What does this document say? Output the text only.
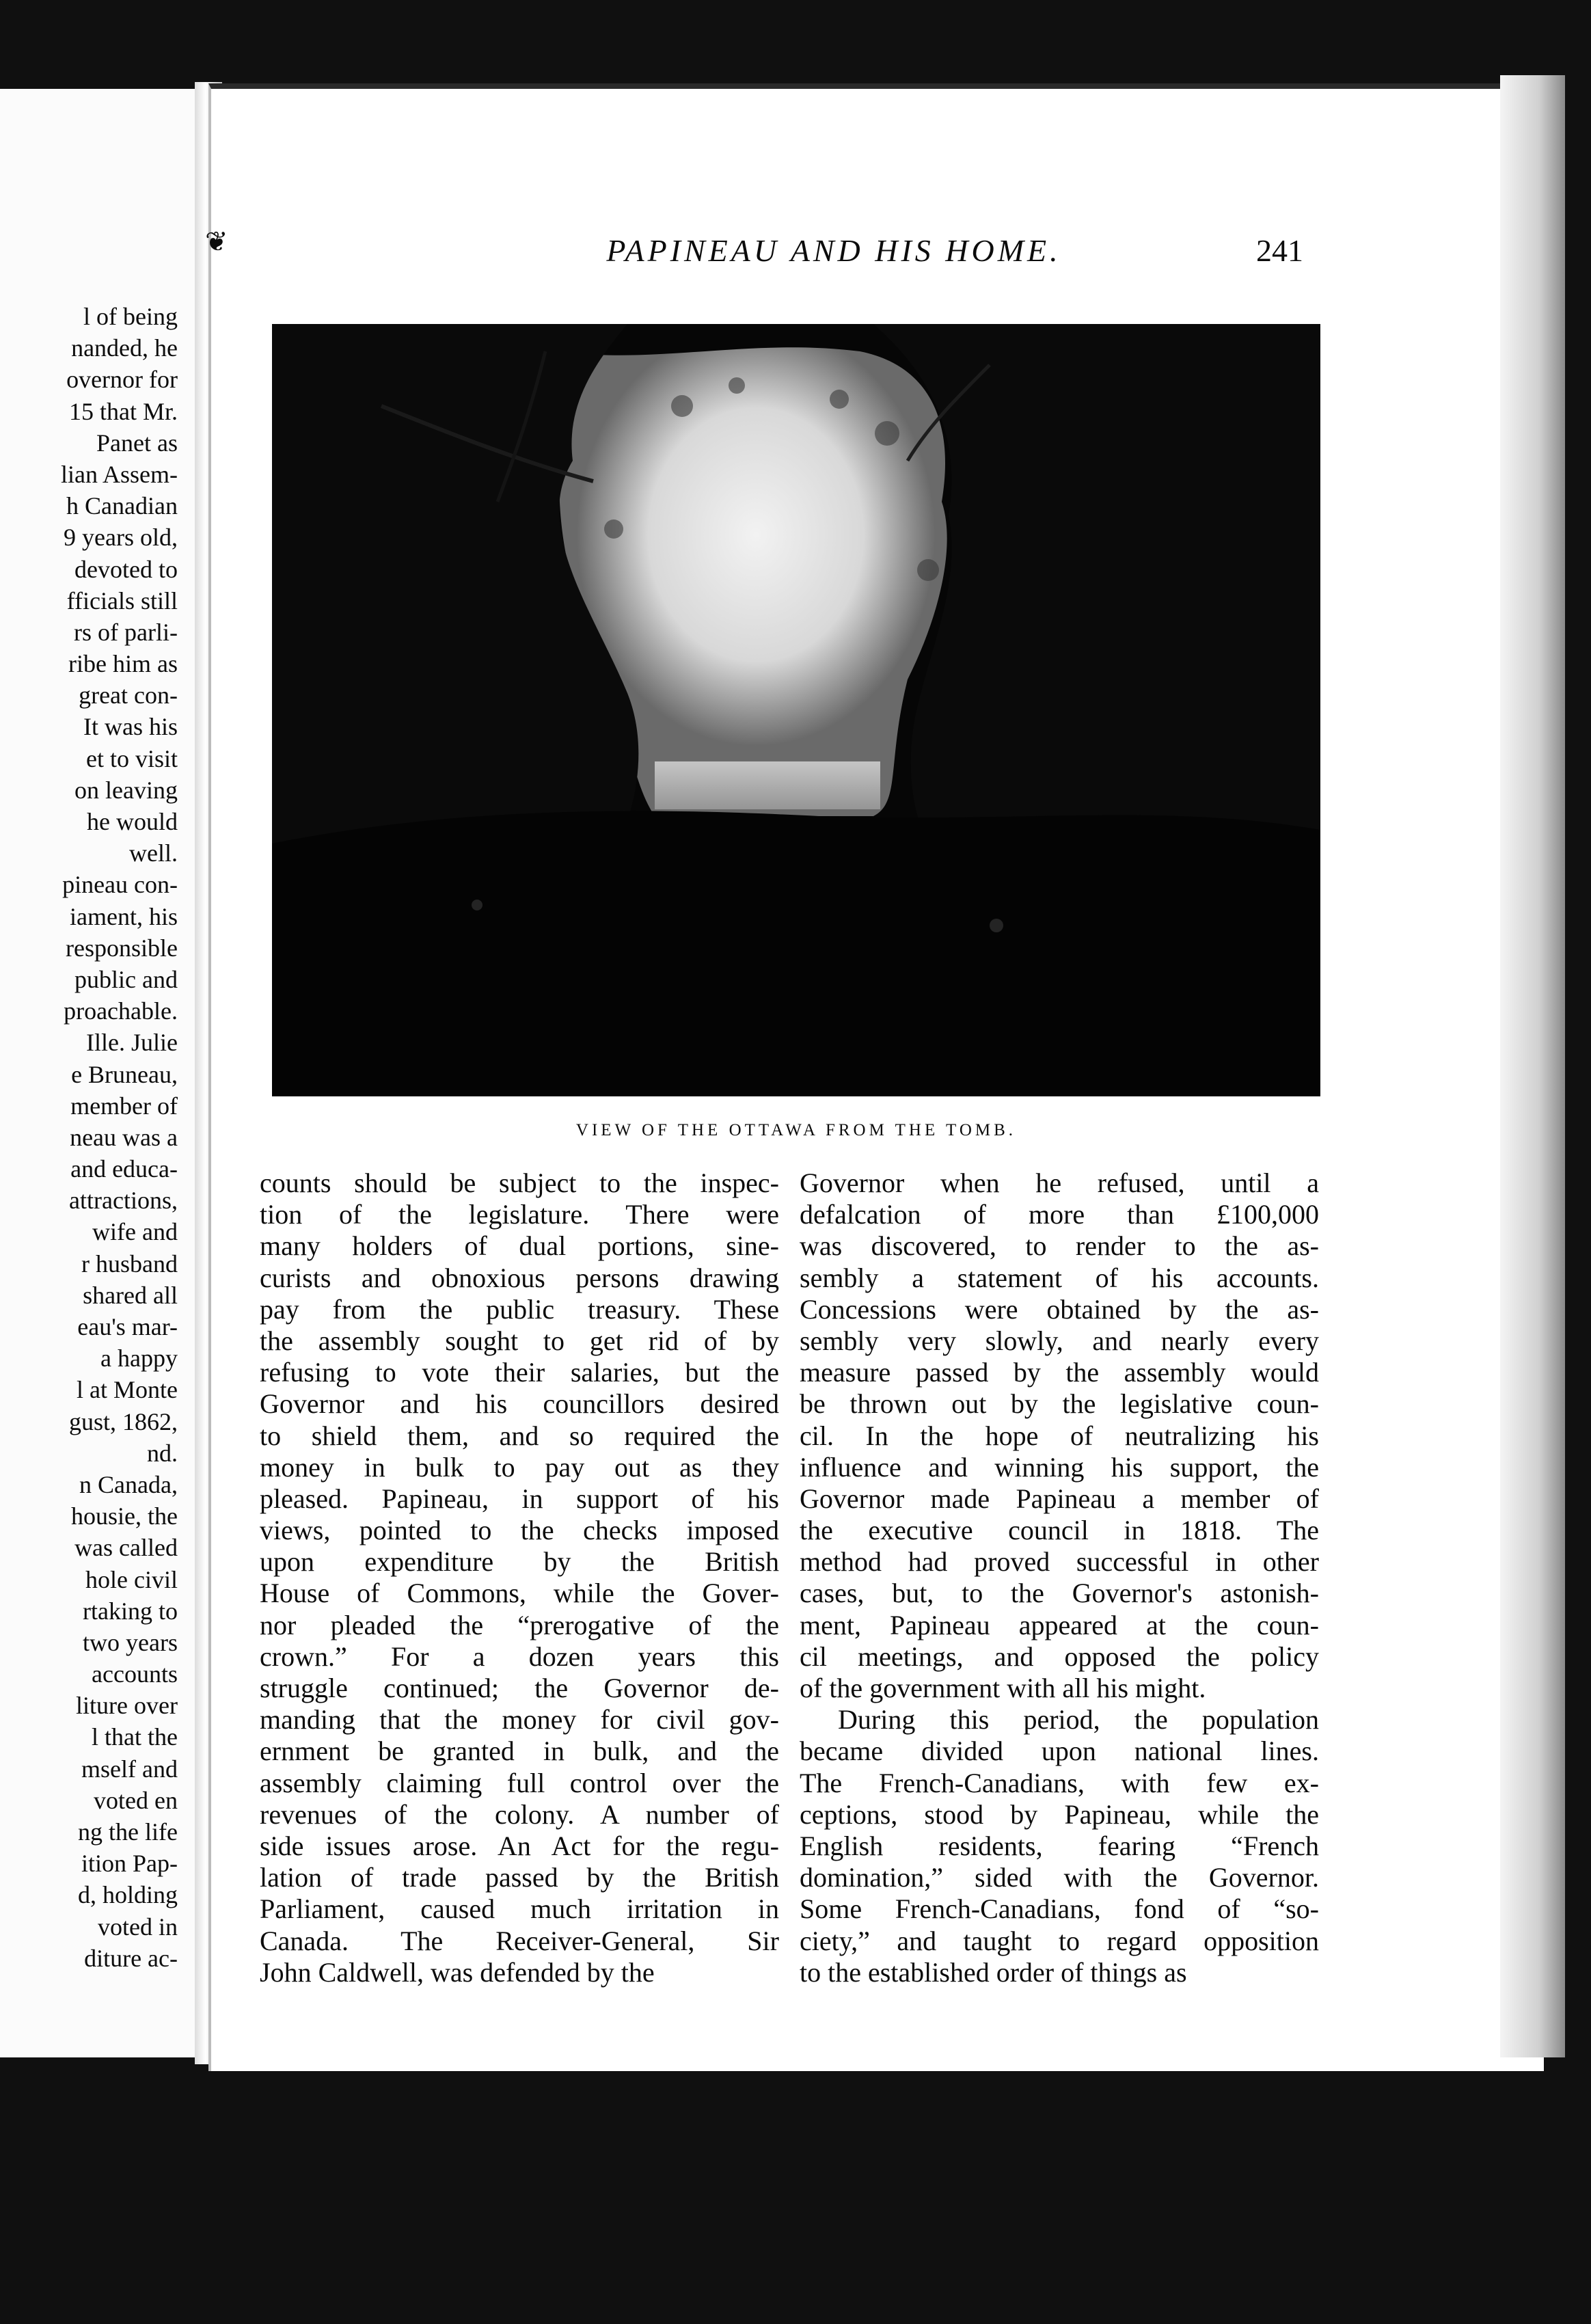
l of being
nanded, he
overnor for
15 that Mr.
Panet as
lian Assem-
h Canadian
9 years old,
devoted to
fficials still
rs of parli-
ribe him as
great con-
It was his
et to visit
on leaving
he would
well.
pineau con-
iament, his
responsible
public and
proachable.
Ille. Julie
e Bruneau,
member of
neau was a
and educa-
attractions,
wife and
r husband
shared all
eau's mar-
a happy
l at Monte
gust, 1862,
nd.
n Canada,
housie, the
was called
hole civil
rtaking to
two years
accounts
liture over
l that the
mself and
voted en
ng the life
ition Pap-
d, holding
voted in
diture ac-
❦	PAPINEAU AND HIS HOME.	241
VIEW OF THE OTTAWA FROM THE TOMB.
counts should be subject to the inspec-
tion of the legislature. There were
many holders of dual portions, sine-
curists and obnoxious persons drawing
pay from the public treasury. These
the assembly sought to get rid of by
refusing to vote their salaries, but the
Governor and his councillors desired
to shield them, and so required the
money in bulk to pay out as they
pleased. Papineau, in support of his
views, pointed to the checks imposed
upon expenditure by the British
House of Commons, while the Gover-
nor pleaded the “prerogative of the
crown.” For a dozen years this
struggle continued; the Governor de-
manding that the money for civil gov-
ernment be granted in bulk, and the
assembly claiming full control over the
revenues of the colony. A number of
side issues arose. An Act for the regu-
lation of trade passed by the British
Parliament, caused much irritation in
Canada. The Receiver-General, Sir
John Caldwell, was defended by the
Governor when he refused, until a
defalcation of more than £100,000
was discovered, to render to the as-
sembly a statement of his accounts.
Concessions were obtained by the as-
sembly very slowly, and nearly every
measure passed by the assembly would
be thrown out by the legislative coun-
cil. In the hope of neutralizing his
influence and winning his support, the
Governor made Papineau a member of
the executive council in 1818. The
method had proved successful in other
cases, but, to the Governor's astonish-
ment, Papineau appeared at the coun-
cil meetings, and opposed the policy
of the government with all his might.
During this period, the population
became divided upon national lines.
The French-Canadians, with few ex-
ceptions, stood by Papineau, while the
English residents, fearing “French
domination,” sided with the Governor.
Some French-Canadians, fond of “so-
ciety,” and taught to regard opposition
to the established order of things as
